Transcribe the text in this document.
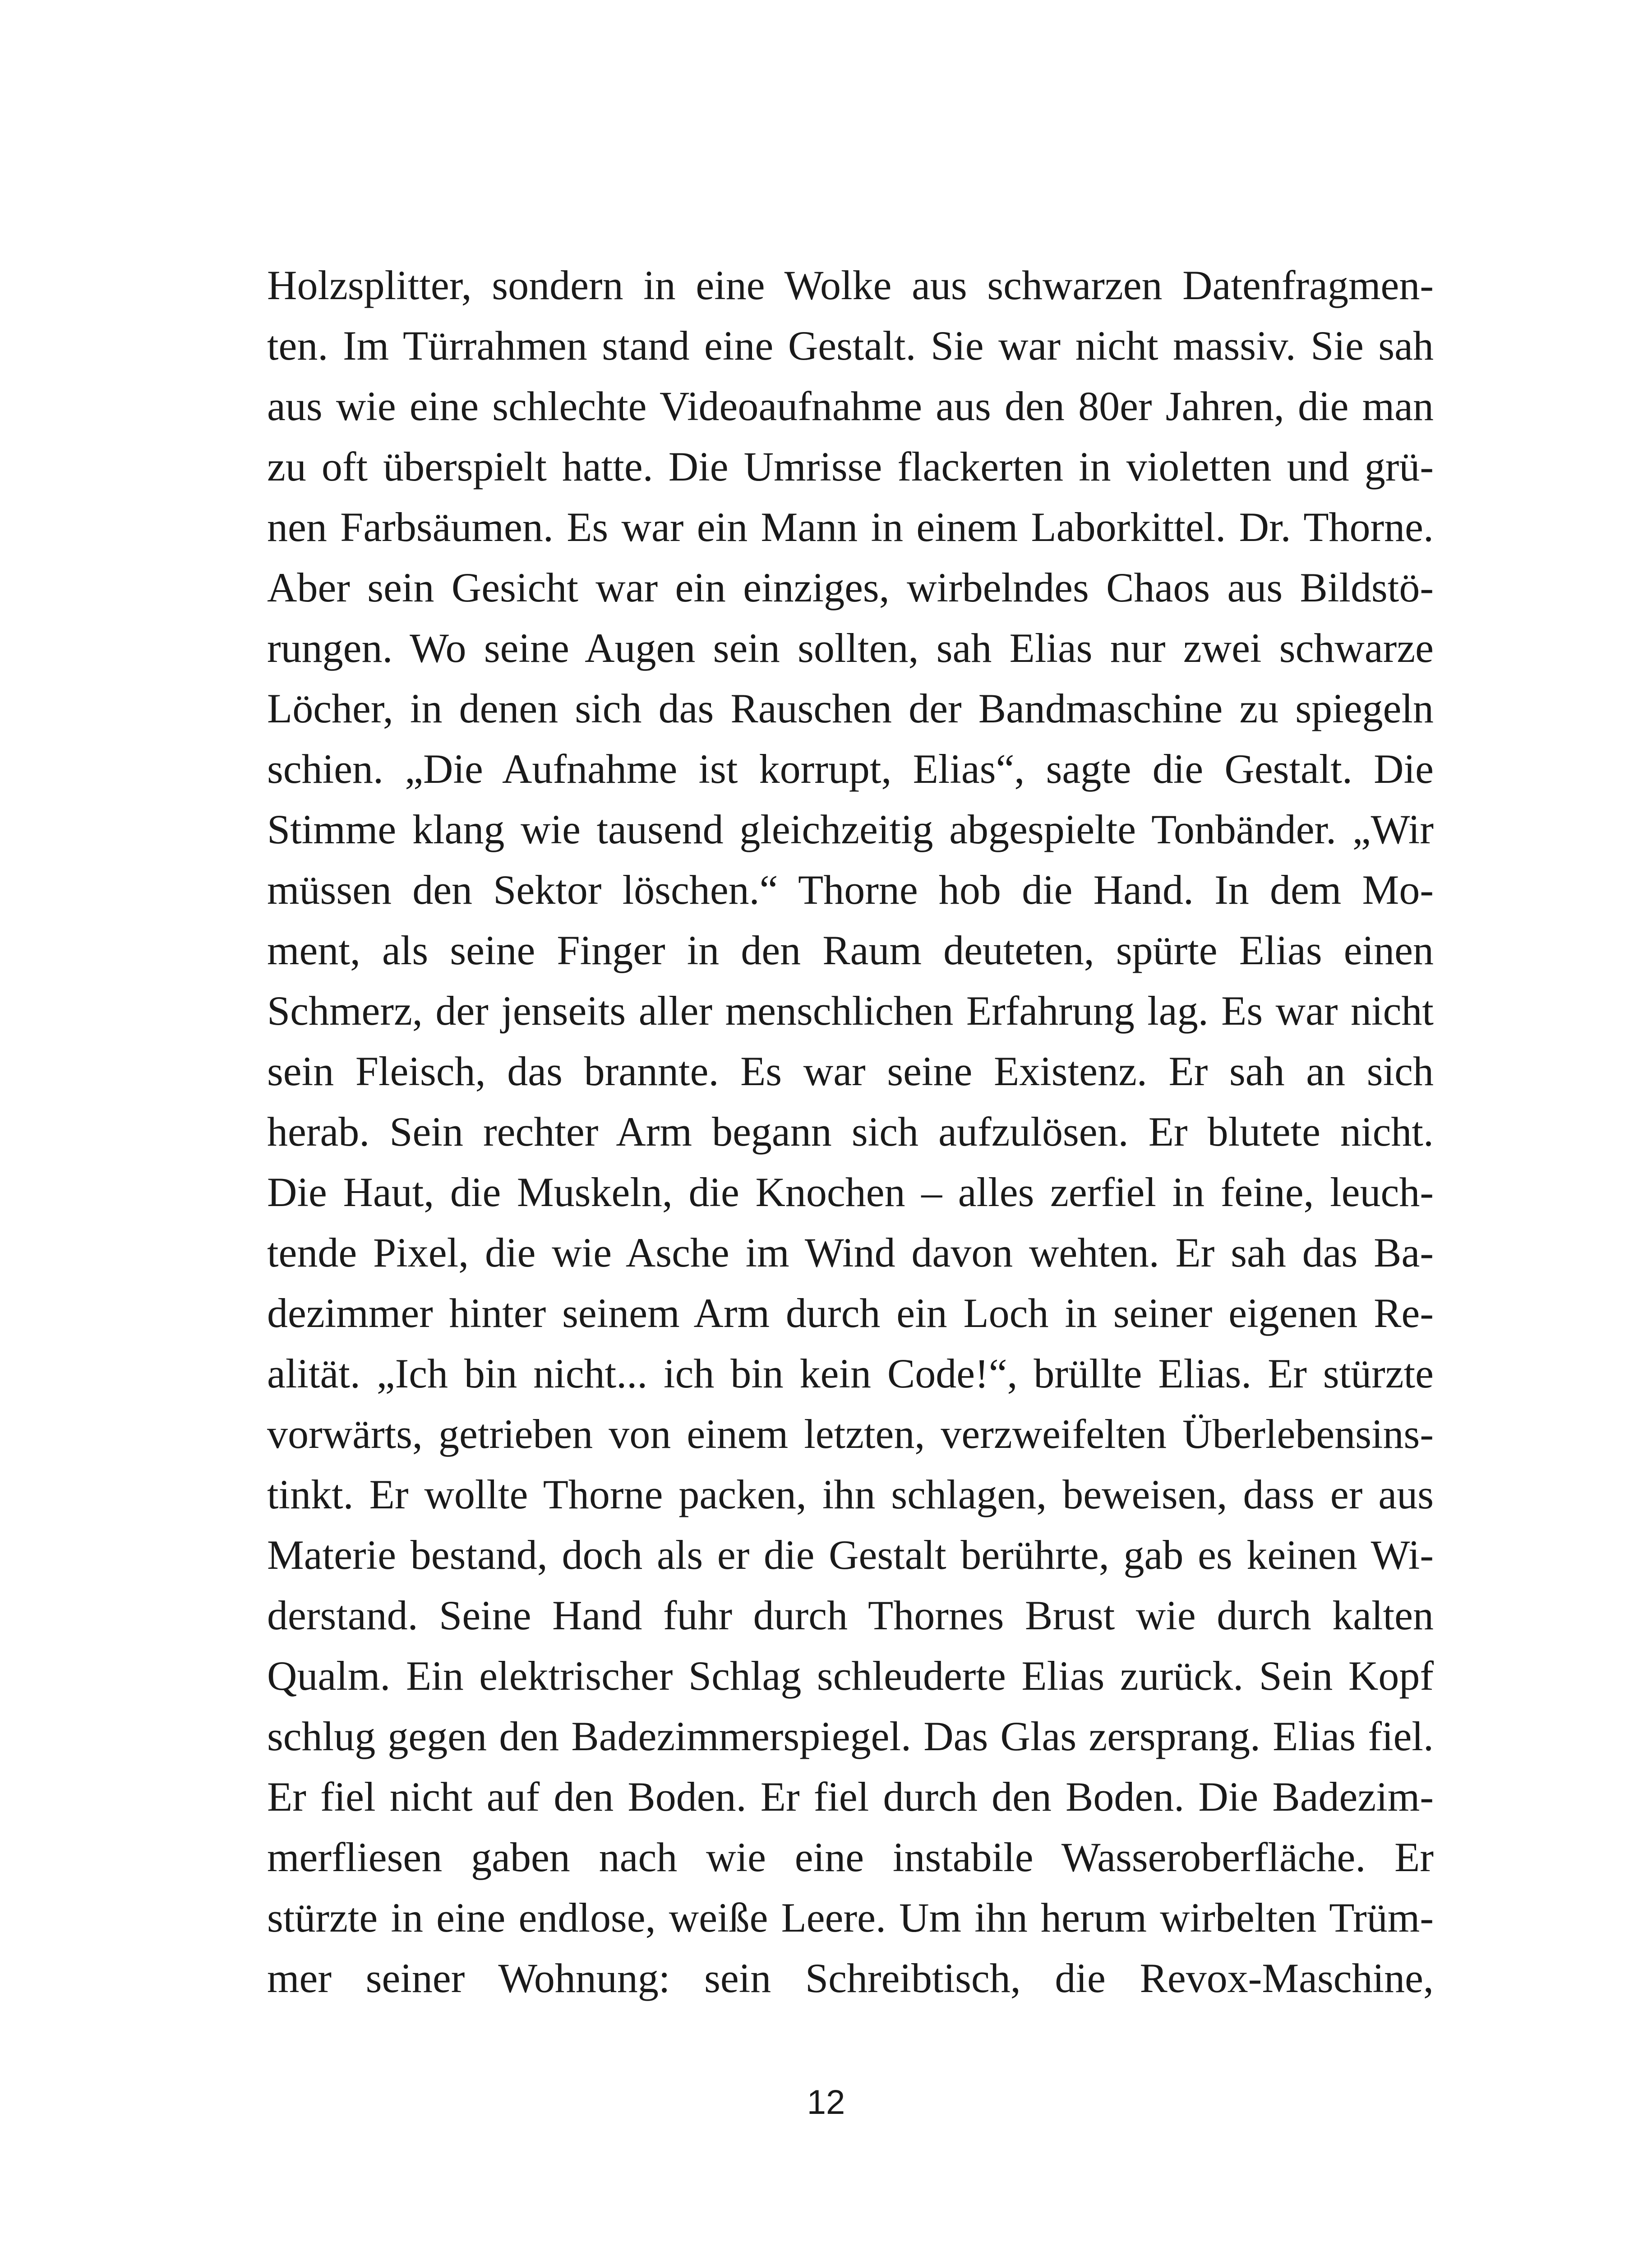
Holzsplitter, sondern in eine Wolke aus schwarzen Datenfragmen-
ten. Im Türrahmen stand eine Gestalt. Sie war nicht massiv. Sie sah
aus wie eine schlechte Videoaufnahme aus den 80er Jahren, die man
zu oft überspielt hatte. Die Umrisse flackerten in violetten und grü-
nen Farbsäumen. Es war ein Mann in einem Laborkittel. Dr. Thorne.
Aber sein Gesicht war ein einziges, wirbelndes Chaos aus Bildstö-
rungen. Wo seine Augen sein sollten, sah Elias nur zwei schwarze
Löcher, in denen sich das Rauschen der Bandmaschine zu spiegeln
schien. „Die Aufnahme ist korrupt, Elias“, sagte die Gestalt. Die
Stimme klang wie tausend gleichzeitig abgespielte Tonbänder. „Wir
müssen den Sektor löschen.“ Thorne hob die Hand. In dem Mo-
ment, als seine Finger in den Raum deuteten, spürte Elias einen
Schmerz, der jenseits aller menschlichen Erfahrung lag. Es war nicht
sein Fleisch, das brannte. Es war seine Existenz. Er sah an sich
herab. Sein rechter Arm begann sich aufzulösen. Er blutete nicht.
Die Haut, die Muskeln, die Knochen – alles zerfiel in feine, leuch-
tende Pixel, die wie Asche im Wind davon wehten. Er sah das Ba-
dezimmer hinter seinem Arm durch ein Loch in seiner eigenen Re-
alität. „Ich bin nicht... ich bin kein Code!“, brüllte Elias. Er stürzte
vorwärts, getrieben von einem letzten, verzweifelten Überlebensins-
tinkt. Er wollte Thorne packen, ihn schlagen, beweisen, dass er aus
Materie bestand, doch als er die Gestalt berührte, gab es keinen Wi-
derstand. Seine Hand fuhr durch Thornes Brust wie durch kalten
Qualm. Ein elektrischer Schlag schleuderte Elias zurück. Sein Kopf
schlug gegen den Badezimmerspiegel. Das Glas zersprang. Elias fiel.
Er fiel nicht auf den Boden. Er fiel durch den Boden. Die Badezim-
merfliesen gaben nach wie eine instabile Wasseroberfläche. Er
stürzte in eine endlose, weiße Leere. Um ihn herum wirbelten Trüm-
mer seiner Wohnung: sein Schreibtisch, die Revox-Maschine,
12
